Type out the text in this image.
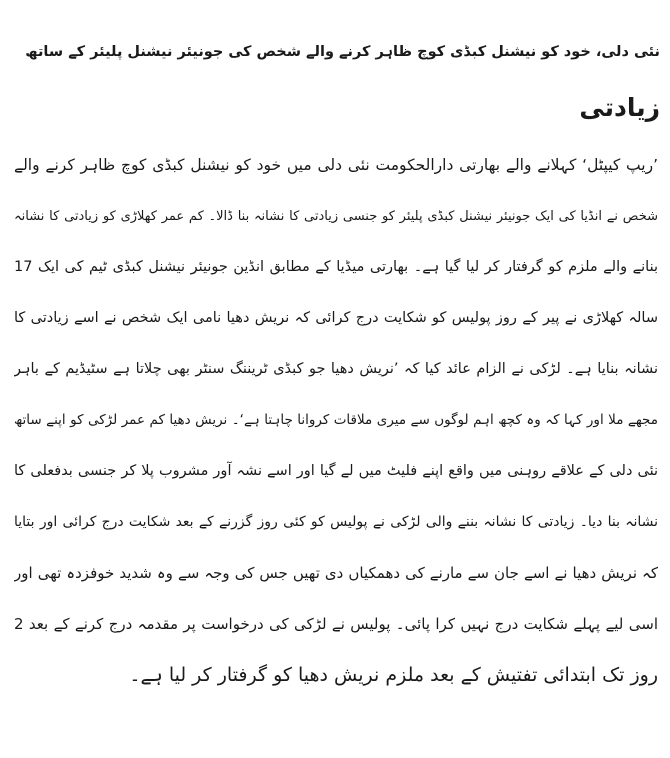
نئی دلی، خود کو نیشنل کبڈی کوچ ظاہر کرنے والے شخص کی جونیئر نیشنل پلیئر کے ساتھ
زیادتی
’ریپ کیپٹل‘ کہلانے والے بھارتی دارالحکومت نئی دلی میں خود کو نیشنل کبڈی کوچ ظاہر کرنے والے
شخص نے انڈیا کی ایک جونیئر نیشنل کبڈی پلیئر کو جنسی زیادتی کا نشانہ بنا ڈالا۔ کم عمر کھلاڑی کو زیادتی کا نشانہ
بنانے والے ملزم کو گرفتار کر لیا گیا ہے۔ بھارتی میڈیا کے مطابق انڈین جونیئر نیشنل کبڈی ٹیم کی ایک 17
سالہ کھلاڑی نے پیر کے روز پولیس کو شکایت درج کرائی کہ نریش دھیا نامی ایک شخص نے اسے زیادتی کا
نشانہ بنایا ہے۔ لڑکی نے الزام عائد کیا کہ ’نریش دھیا جو کبڈی ٹریننگ سنٹر بھی چلاتا ہے سٹیڈیم کے باہر
مجھے ملا اور کہا کہ وہ کچھ اہم لوگوں سے میری ملاقات کروانا چاہتا ہے‘۔ نریش دھیا کم عمر لڑکی کو اپنے ساتھ
نئی دلی کے علاقے روہنی میں واقع اپنے فلیٹ میں لے گیا اور اسے نشہ آور مشروب پلا کر جنسی بدفعلی کا
نشانہ بنا دیا۔ زیادتی کا نشانہ بننے والی لڑکی نے پولیس کو کئی روز گزرنے کے بعد شکایت درج کرائی اور بتایا
کہ نریش دھیا نے اسے جان سے مارنے کی دھمکیاں دی تھیں جس کی وجہ سے وہ شدید خوفزدہ تھی اور
اسی لیے پہلے شکایت درج نہیں کرا پائی۔ پولیس نے لڑکی کی درخواست پر مقدمہ درج کرنے کے بعد 2
روز تک ابتدائی تفتیش کے بعد ملزم نریش دھیا کو گرفتار کر لیا ہے۔
